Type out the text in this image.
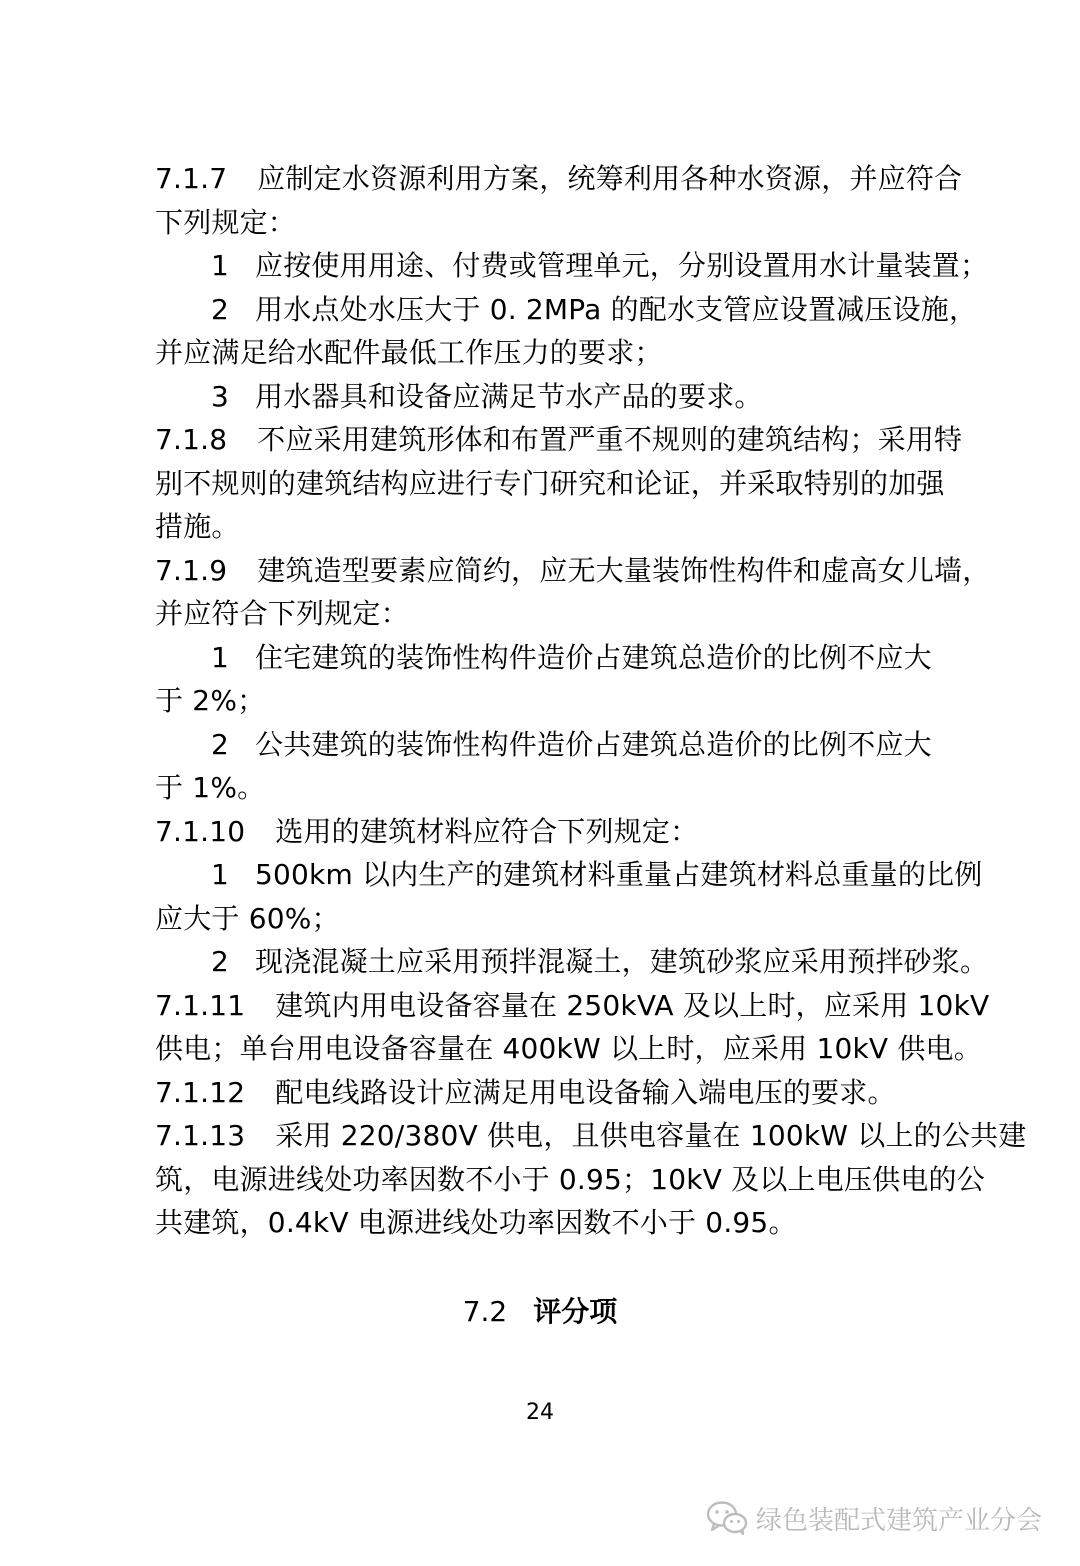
7.1.7 应制定水资源利用方案，统筹利用各种水资源，并应符合
下列规定：
1 应按使用用途、付费或管理单元，分别设置用水计量装置；
2 用水点处水压大于 0. 2MPa 的配水支管应设置减压设施，
并应满足给水配件最低工作压力的要求；
3 用水器具和设备应满足节水产品的要求。
7.1.8 不应采用建筑形体和布置严重不规则的建筑结构；采用特
别不规则的建筑结构应进行专门研究和论证，并采取特别的加强
措施。
7.1.9 建筑造型要素应简约，应无大量装饰性构件和虚高女儿墙，
并应符合下列规定：
1 住宅建筑的装饰性构件造价占建筑总造价的比例不应大
于 2%；
2 公共建筑的装饰性构件造价占建筑总造价的比例不应大
于 1%。
7.1.10 选用的建筑材料应符合下列规定：
1 500km 以内生产的建筑材料重量占建筑材料总重量的比例
应大于 60%；
2 现浇混凝土应采用预拌混凝土，建筑砂浆应采用预拌砂浆。
7.1.11 建筑内用电设备容量在 250kVA 及以上时，应采用 10kV
供电；单台用电设备容量在 400kW 以上时，应采用 10kV 供电。
7.1.12 配电线路设计应满足用电设备输入端电压的要求。
7.1.13 采用 220/380V 供电，且供电容量在 100kW 以上的公共建
筑，电源进线处功率因数不小于 0.95；10kV 及以上电压供电的公
共建筑，0.4kV 电源进线处功率因数不小于 0.95。
7.2 评分项
24
绿色装配式建筑产业分会
